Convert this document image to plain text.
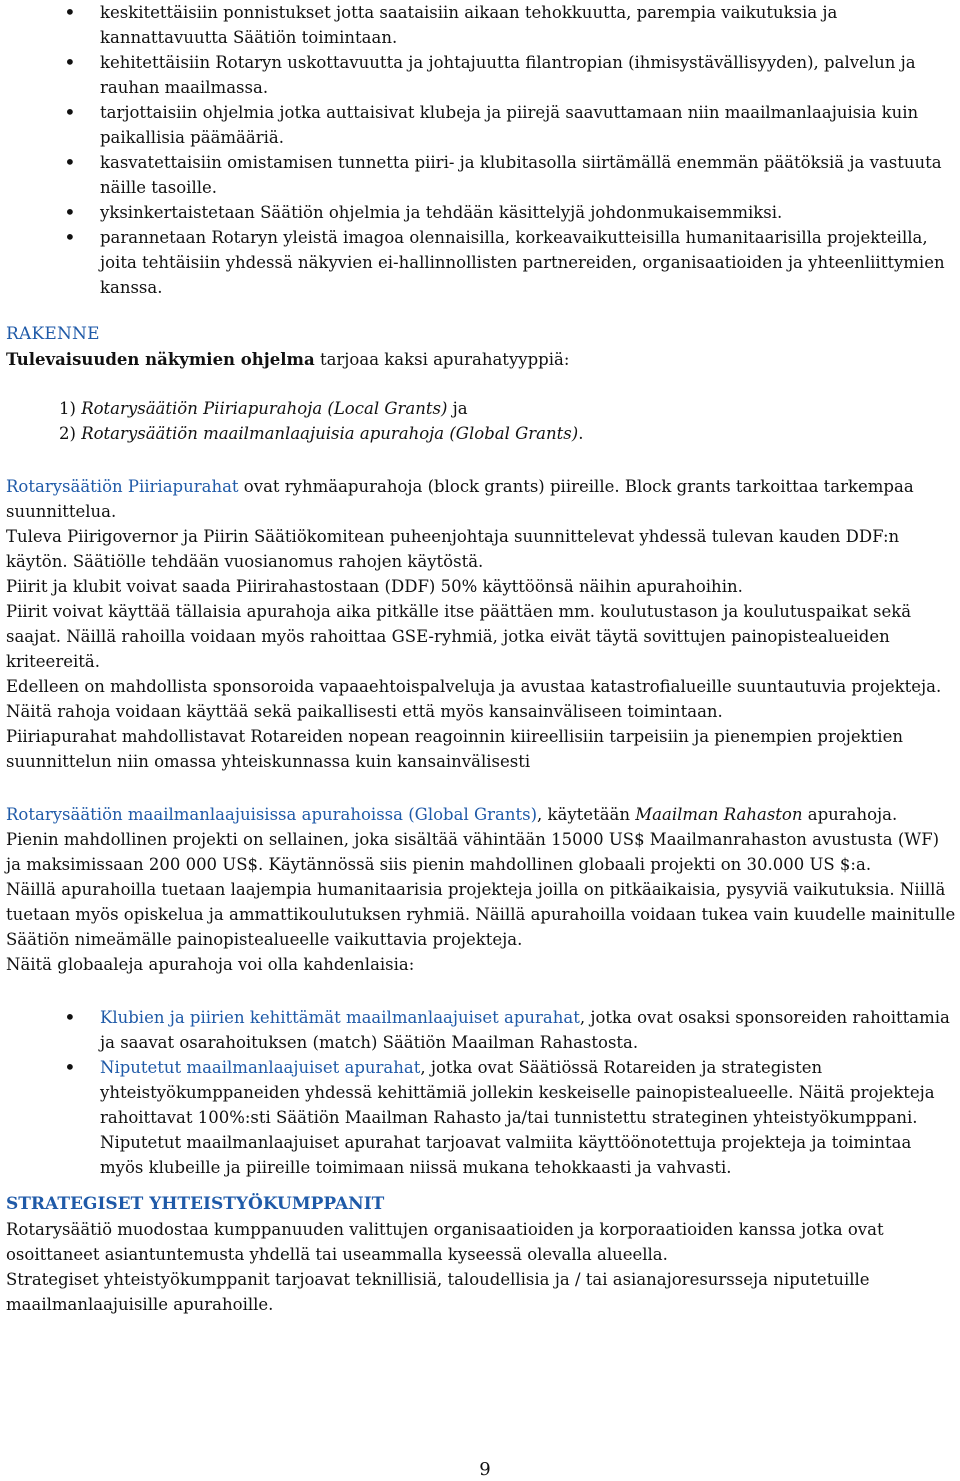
• keskitettäisiin ponnistukset jotta saataisiin aikaan tehokkuutta, parempia vaikutuksia ja kannattavuutta Säätiön toimintaan.
• kehitettäisiin Rotaryn uskottavuutta ja johtajuutta filantropian (ihmisystävällisyyden), palvelun ja rauhan maailmassa.
• tarjottaisiin ohjelmia jotka auttaisivat klubeja ja piirejä saavuttamaan niin maailmanlaajuisia kuin paikallisia päämääriä.
• kasvatettaisiin omistamisen tunnetta piiri- ja klubitasolla siirtämällä enemmän päätöksiä ja vastuuta näille tasoille.
• yksinkertaistetaan Säätiön ohjelmia ja tehdään käsittelyjä johdonmukaisemmiksi.
• parannetaan Rotaryn yleistä imagoa olennaisilla, korkeavaikutteisilla humanitaarisilla projekteilla, joita tehtäisiin yhdessä näkyvien ei-hallinnollisten partnereiden, organisaatioiden ja yhteenliittymien kanssa.
RAKENNE

Tulevaisuuden näkymien ohjelma tarjoaa kaksi apurahatyyppiä:

1) Rotarysäätiön Piiriapurahoja (Local Grants) ja

2) Rotarysäätiön maailmanlaajuisia apurahoja (Global Grants).

Rotarysäätiön Piiriapurahat ovat ryhmäapurahoja (block grants) piireille. Block grants tarkoittaa tarkempaa suunnittelua.

Tuleva Piirigovernor ja Piirin Säätiökomitean puheenjohtaja suunnittelevat yhdessä tulevan kauden DDF:n käytön. Säätiölle tehdään vuosianomus rahojen käytöstä.

Piirit ja klubit voivat saada Piirirahastostaan (DDF) 50% käyttöönsä näihin apurahoihin.

Piirit voivat käyttää tällaisia apurahoja aika pitkälle itse päättäen mm. koulutustason ja koulutuspaikat sekä saajat. Näillä rahoilla voidaan myös rahoittaa GSE-ryhmiä, jotka eivät täytä sovittujen painopistealueiden kriteereitä.

Edelleen on mahdollista sponsoroida vapaaehtoispalveluja ja avustaa katastrofialueille suuntautuvia projekteja. Näitä rahoja voidaan käyttää sekä paikallisesti että myös kansainväliseen toimintaan.

Piiriapurahat mahdollistavat Rotareiden nopean reagoinnin kiireellisiin tarpeisiin ja pienempien projektien suunnittelun niin omassa yhteiskunnassa kuin kansainvälisesti

Rotarysäätiön maailmanlaajuisissa apurahoissa (Global Grants), käytetään Maailman Rahaston apurahoja.

Pienin mahdollinen projekti on sellainen, joka sisältää vähintään 15000 US$ Maailmanrahaston avustusta (WF) ja maksimissaan 200 000 US$. Käytännössä siis pienin mahdollinen globaali projekti on 30.000 US $:a.

Näillä apurahoilla tuetaan laajempia humanitaarisia projekteja joilla on pitkäaikaisia, pysyviä vaikutuksia. Niillä tuetaan myös opiskelua ja ammattikoulutuksen ryhmiä. Näillä apurahoilla voidaan tukea vain kuudelle mainitulle Säätiön nimeämälle painopistealueelle vaikuttavia projekteja.

Näitä globaaleja apurahoja voi olla kahdenlaisia:

• Klubien ja piirien kehittämät maailmanlaajuiset apurahat, jotka ovat osaksi sponsoreiden rahoittamia ja saavat osarahoituksen (match) Säätiön Maailman Rahastosta.
• Niputetut maailmanlaajuiset apurahat, jotka ovat Säätiössä Rotareiden ja strategisten yhteistyökumppaneiden yhdessä kehittämiä jollekin keskeiselle painopistealueelle. Näitä projekteja rahoittavat 100%:sti Säätiön Maailman Rahasto ja/tai tunnistettu strateginen yhteistyökumppani. Niputetut maailmanlaajuiset apurahat tarjoavat valmiita käyttöönotettuja projekteja ja toimintaa myös klubeille ja piireille toimimaan niissä mukana tehokkaasti ja vahvasti.
STRATEGISET YHTEISTYÖKUMPPANIT

Rotarysäätiö muodostaa kumppanuuden valittujen organisaatioiden ja korporaatioiden kanssa jotka ovat osoittaneet asiantuntemusta yhdellä tai useammalla kyseessä olevalla alueella.

Strategiset yhteistyökumppanit tarjoavat teknillisiä, taloudellisia ja / tai asianajoresursseja niputetuille maailmanlaajuisille apurahoille.

9
